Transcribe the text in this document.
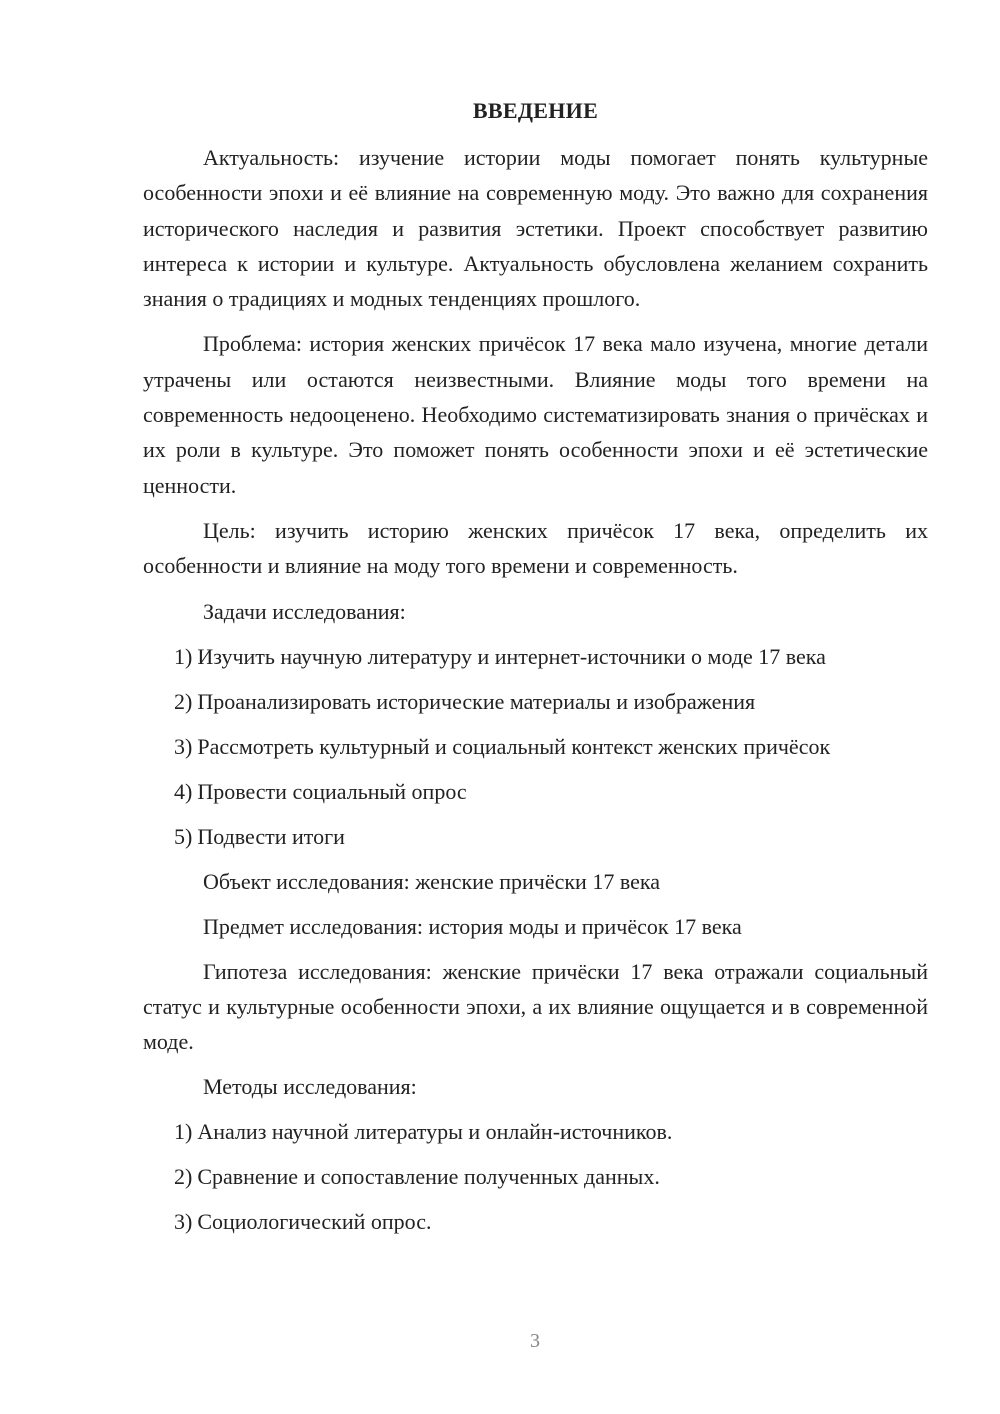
ВВЕДЕНИЕ

Актуальность: изучение истории моды помогает понять культурные особенности эпохи и её влияние на современную моду. Это важно для сохранения исторического наследия и развития эстетики. Проект способствует развитию интереса к истории и культуре. Актуальность обусловлена желанием сохранить знания о традициях и модных тенденциях прошлого.

Проблема: история женских причёсок 17 века мало изучена, многие детали утрачены или остаются неизвестными. Влияние моды того времени на современность недооценено. Необходимо систематизировать знания о причёсках и их роли в культуре. Это поможет понять особенности эпохи и её эстетические ценности.

Цель: изучить историю женских причёсок 17 века, определить их особенности и влияние на моду того времени и современность.

Задачи исследования:
1) Изучить научную литературу и интернет-источники о моде 17 века
2) Проанализировать исторические материалы и изображения
3) Рассмотреть культурный и социальный контекст женских причёсок
4) Провести социальный опрос
5) Подвести итоги
Объект исследования: женские причёски 17 века
Предмет исследования: история моды и причёсок 17 века

Гипотеза исследования: женские причёски 17 века отражали социальный статус и культурные особенности эпохи, а их влияние ощущается и в современной моде.

Методы исследования:
1) Анализ научной литературы и онлайн-источников.
2) Сравнение и сопоставление полученных данных.
3) Социологический опрос.
3
